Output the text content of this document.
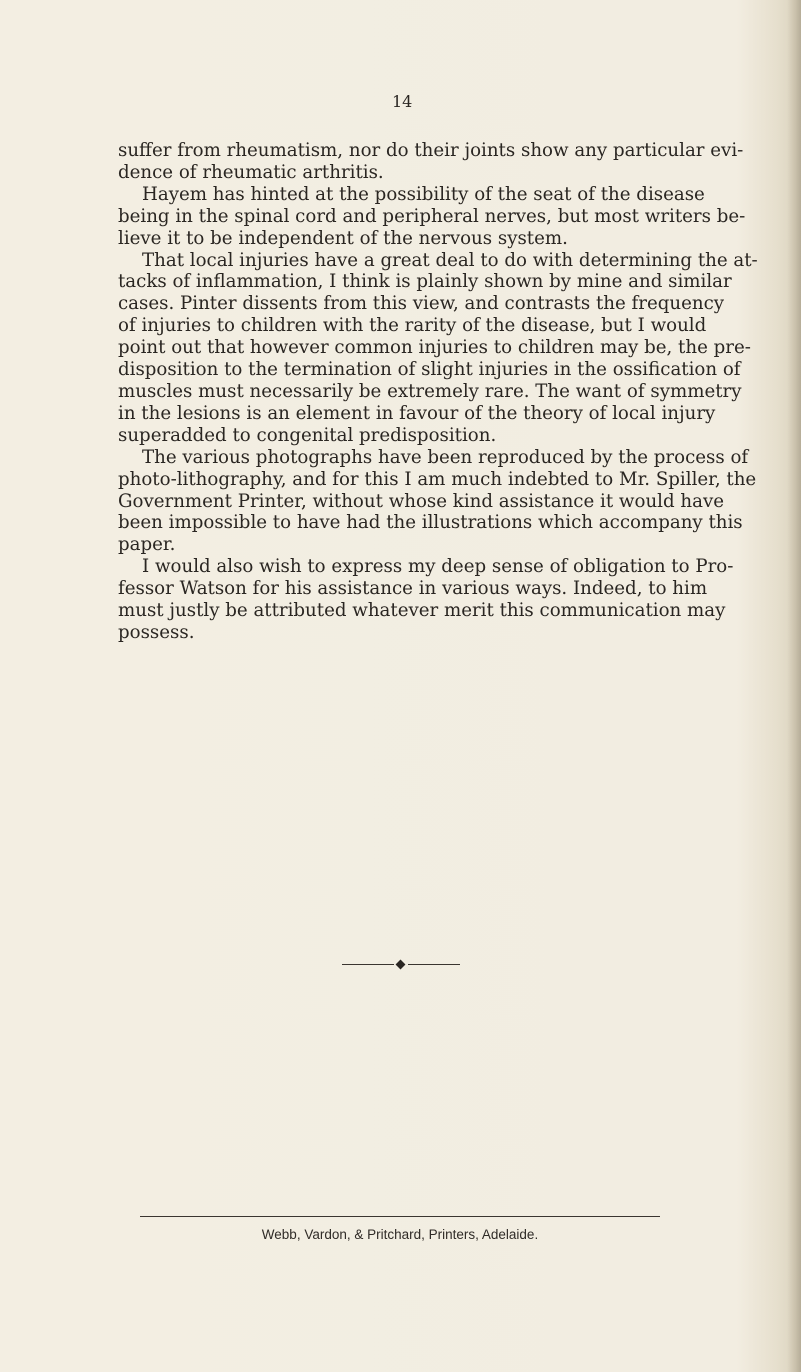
14
suffer from rheumatism, nor do their joints show any particular evi-
dence of rheumatic arthritis.
Hayem has hinted at the possibility of the seat of the disease
being in the spinal cord and peripheral nerves, but most writers be-
lieve it to be independent of the nervous system.
That local injuries have a great deal to do with determining the at-
tacks of inflammation, I think is plainly shown by mine and similar
cases. Pinter dissents from this view, and contrasts the frequency
of injuries to children with the rarity of the disease, but I would
point out that however common injuries to children may be, the pre-
disposition to the termination of slight injuries in the ossification of
muscles must necessarily be extremely rare. The want of symmetry
in the lesions is an element in favour of the theory of local injury
superadded to congenital predisposition.
The various photographs have been reproduced by the process of
photo-lithography, and for this I am much indebted to Mr. Spiller, the
Government Printer, without whose kind assistance it would have
been impossible to have had the illustrations which accompany this
paper.
I would also wish to express my deep sense of obligation to Pro-
fessor Watson for his assistance in various ways. Indeed, to him
must justly be attributed whatever merit this communication may
possess.
Webb, Vardon, & Pritchard, Printers, Adelaide.
